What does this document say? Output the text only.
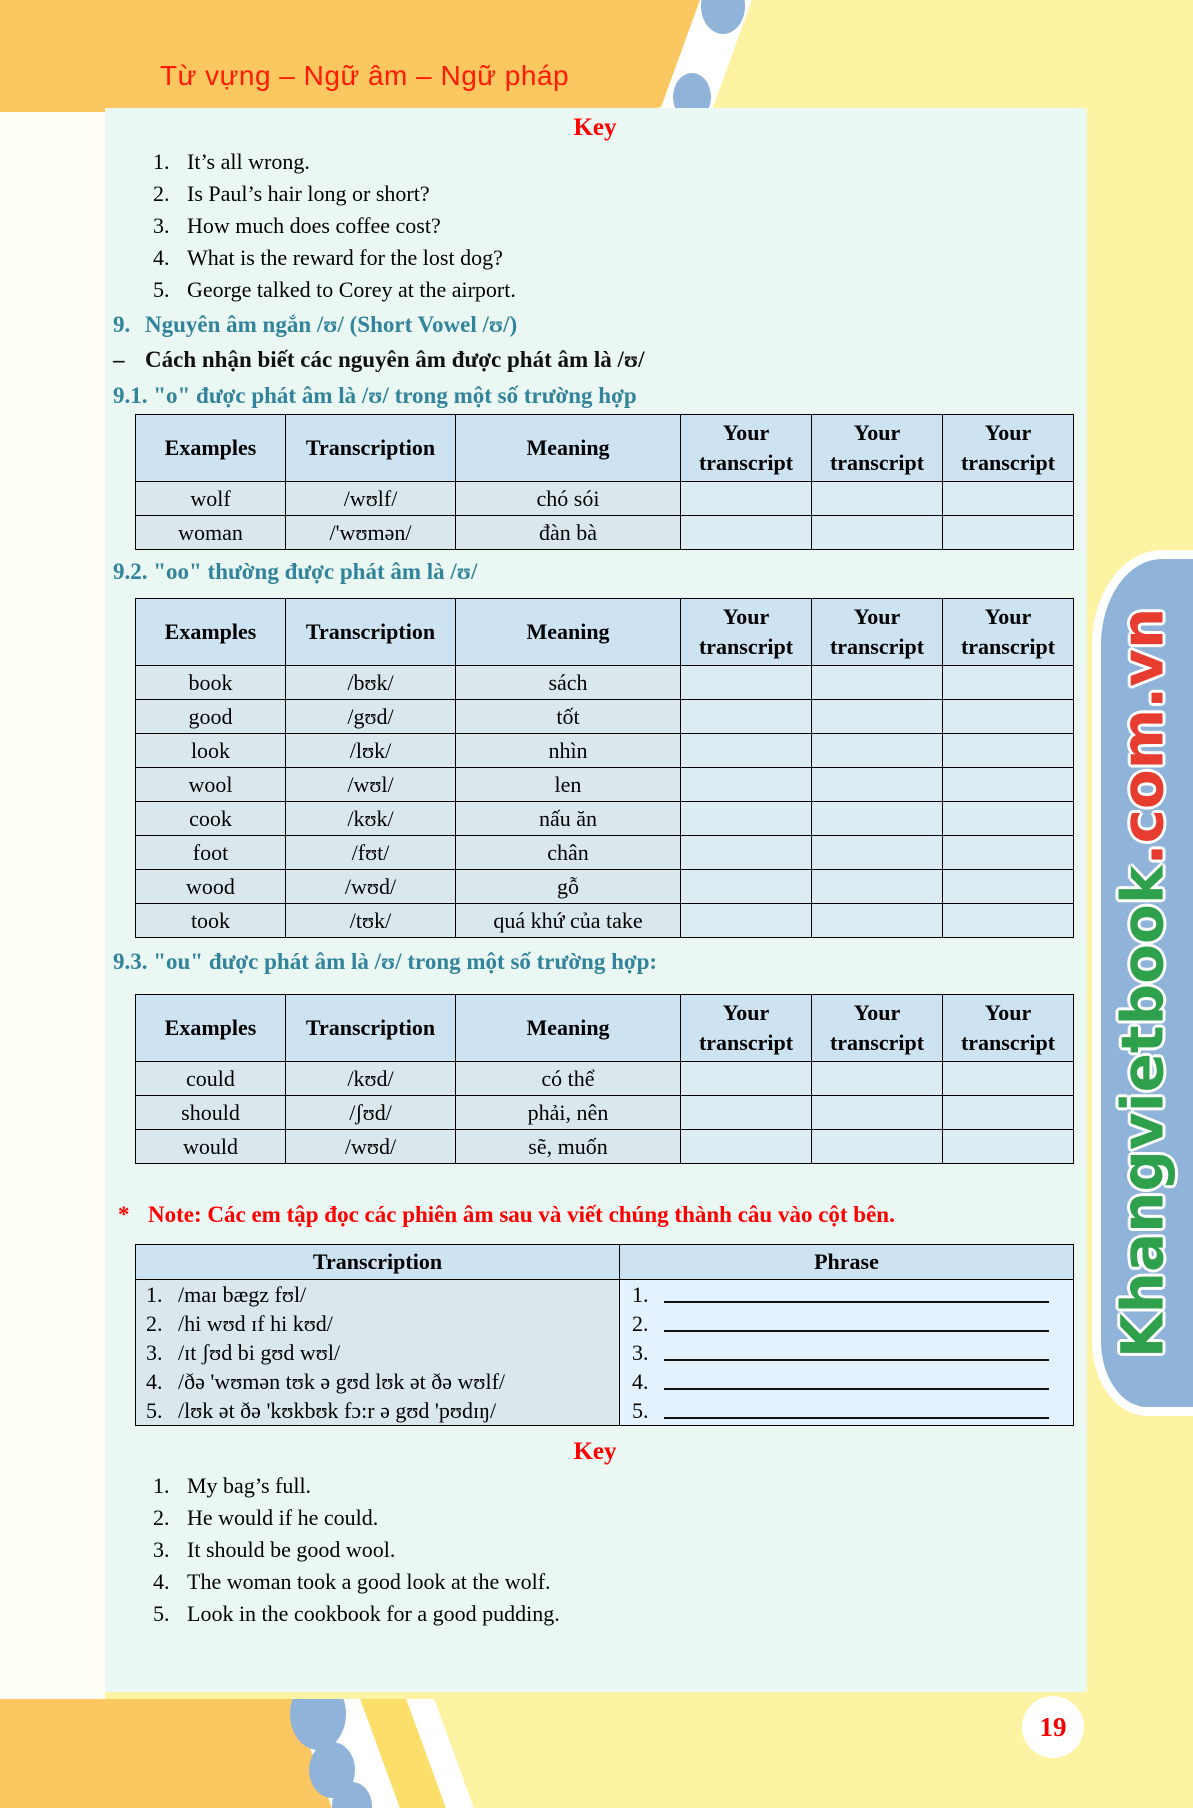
Từ vựng – Ngữ âm – Ngữ pháp
Key
1. It’s all wrong.
2. Is Paul’s hair long or short?
3. How much does coffee cost?
4. What is the reward for the lost dog?
5. George talked to Corey at the airport.
9. Nguyên âm ngắn /ʊ/ (Short Vowel /ʊ/)
– Cách nhận biết các nguyên âm được phát âm là /ʊ/
9.1. "o" được phát âm là /ʊ/ trong một số trường hợp
Examples	Transcription	Meaning	Your transcript	Your transcript	Your transcript
wolf	/wʊlf/	chó sói			
woman	/'wʊmən/	đàn bà			
9.2. "oo" thường được phát âm là /ʊ/
Examples	Transcription	Meaning	Your transcript	Your transcript	Your transcript
book	/bʊk/	sách			
good	/gʊd/	tốt			
look	/lʊk/	nhìn			
wool	/wʊl/	len			
cook	/kʊk/	nấu ăn			
foot	/fʊt/	chân			
wood	/wʊd/	gỗ			
took	/tʊk/	quá khứ của take			
9.3. "ou" được phát âm là /ʊ/ trong một số trường hợp:
Examples	Transcription	Meaning	Your transcript	Your transcript	Your transcript
could	/kʊd/	có thể			
should	/ʃʊd/	phải, nên			
would	/wʊd/	sẽ, muốn			
* Note: Các em tập đọc các phiên âm sau và viết chúng thành câu vào cột bên.
Transcription	Phrase

1. /maɪ bægz fʊl/	1.

2. /hi wʊd ɪf hi kʊd/	2.

3. /ɪt ʃʊd bi gʊd wʊl/	3.

4. /ðə 'wʊmən tʊk ə gʊd lʊk ət ðə wʊlf/	4.

5. /lʊk ət ðə 'kʊkbʊk fɔ:r ə gʊd 'pʊdɪŋ/	5.
Key
1. My bag’s full.
2. He would if he could.
3. It should be good wool.
4. The woman took a good look at the wolf.
5. Look in the cookbook for a good pudding.
Khangvietbook.com.vn
19
